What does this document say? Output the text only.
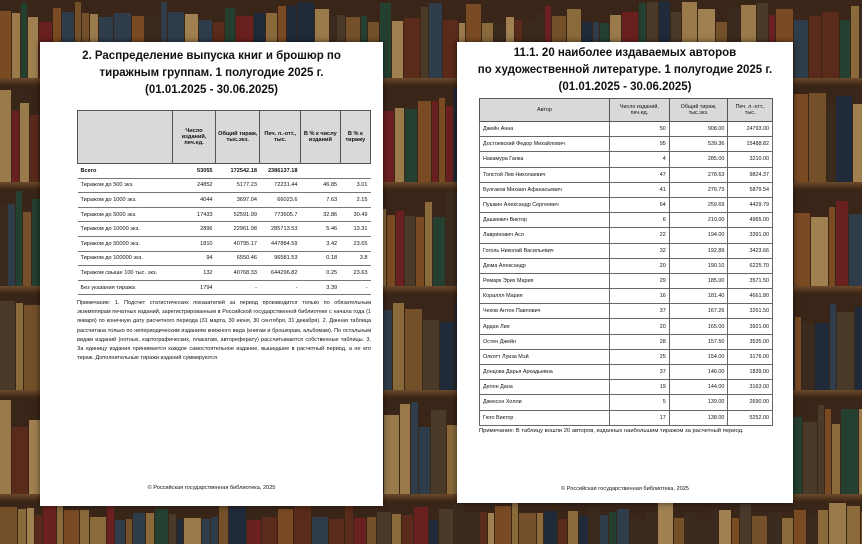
2. Распределение выпуска книг и брошюр по
тиражным группам. 1 полугодие 2025 г.
(01.01.2025 - 30.06.2025)
	Число изданий, печ.ед.	Общий тираж, тыс.экз.	Печ. л.-отт., тыс.	В % к числу изданий	В % к тиражу
Всего	53055	172542.18	2386137.18		
Тиражом до 500 экз.	24852	5177.23	72231.44	46.85	3.01
Тиражом до 1000 экз.	4044	3697.04	66023.6	7.63	2.15
Тиражом до 5000 экз.	17433	52591.99	773605.7	32.86	30.49
Тиражом до 10000 экз.	2896	22961.98	285713.53	5.46	13.31
Тиражом до 50000 экз.	1810	40795.17	447884.59	3.42	23.65
Тиражом до 100000 экз.	94	6550.46	96581.53	0.18	3.8
Тиражом свыше 100 тыс. экз.	132	40768.33	644296.82	0.25	23.63
Без указания тиража	1794	-	-	3.39	-
Примечание: 1. Подсчет статистических показателей за период производится только по обязательным экземплярам печатных изданий, зарегистрированным в Российской государственной библиотеке с начала года (1 января) по конечную дату расчетного периода (31 марта, 30 июня, 30 сентября, 31 декабря). 2. Данная таблица рассчитана только по непериодическим изданиям книжного вида (книгам и брошюрам, альбомам). По остальным видам изданий (нотных, картографических, плакатам, автореферату) рассчитываются собственные таблицы. 3. За единицу издания принимается каждое самостоятельное издание, вышедшее в расчетный период, а не его тираж. Дополнительные тиражи изданий суммируются.
© Российская государственная библиотека, 2025
11.1. 20 наиболее издаваемых авторов
по художественной литературе. 1 полугодие 2025 г.
(01.01.2025 - 30.06.2025)
Автор	Число изданий, печ.ед.	Общий тираж, тыс.экз.	Печ. л.-отт., тыс.
Джейн Анна	50	908.00	24793.00
Достоевский Федор Михайлович	95	539.36	15488.82
Накамура Ганка	4	285.00	3210.00
Толстой Лев Николаевич	47	278.63	9824.37
Булгаков Михаил Афанасьевич	41	276.73	5879.54
Пушкин Александр Сергеевич	64	259.69	4429.79
Дашкевич Виктор	6	210.00	4965.00
Лавринович Ася	22	194.00	3391.00
Гоголь Николай Васильевич	32	192.89	3423.66
Дюма Александр	20	190.10	6225.70
Ремарк Эрих Мария	29	185.00	3571.50
Кораллл Мария	16	181.40	4661.80
Чехов Антон Павлович	37	167.26	3261.50
Ардан Лия	20	165.00	3921.00
Остен Джейн	28	157.50	3535.00
Олкотт Луиза Мэй	25	154.00	3176.00
Донцова Дарья Аркадьевна	37	146.00	1839.00
Делон Дана	19	144.00	3163.00
Джексон Холли	5	139.00	2690.00
Гюго Виктор	17	138.00	5252.00
Примечание: В таблицу вошли 20 авторов, изданных наибольшим тиражом за расчетный период.
© Российская государственная библиотека, 2025
